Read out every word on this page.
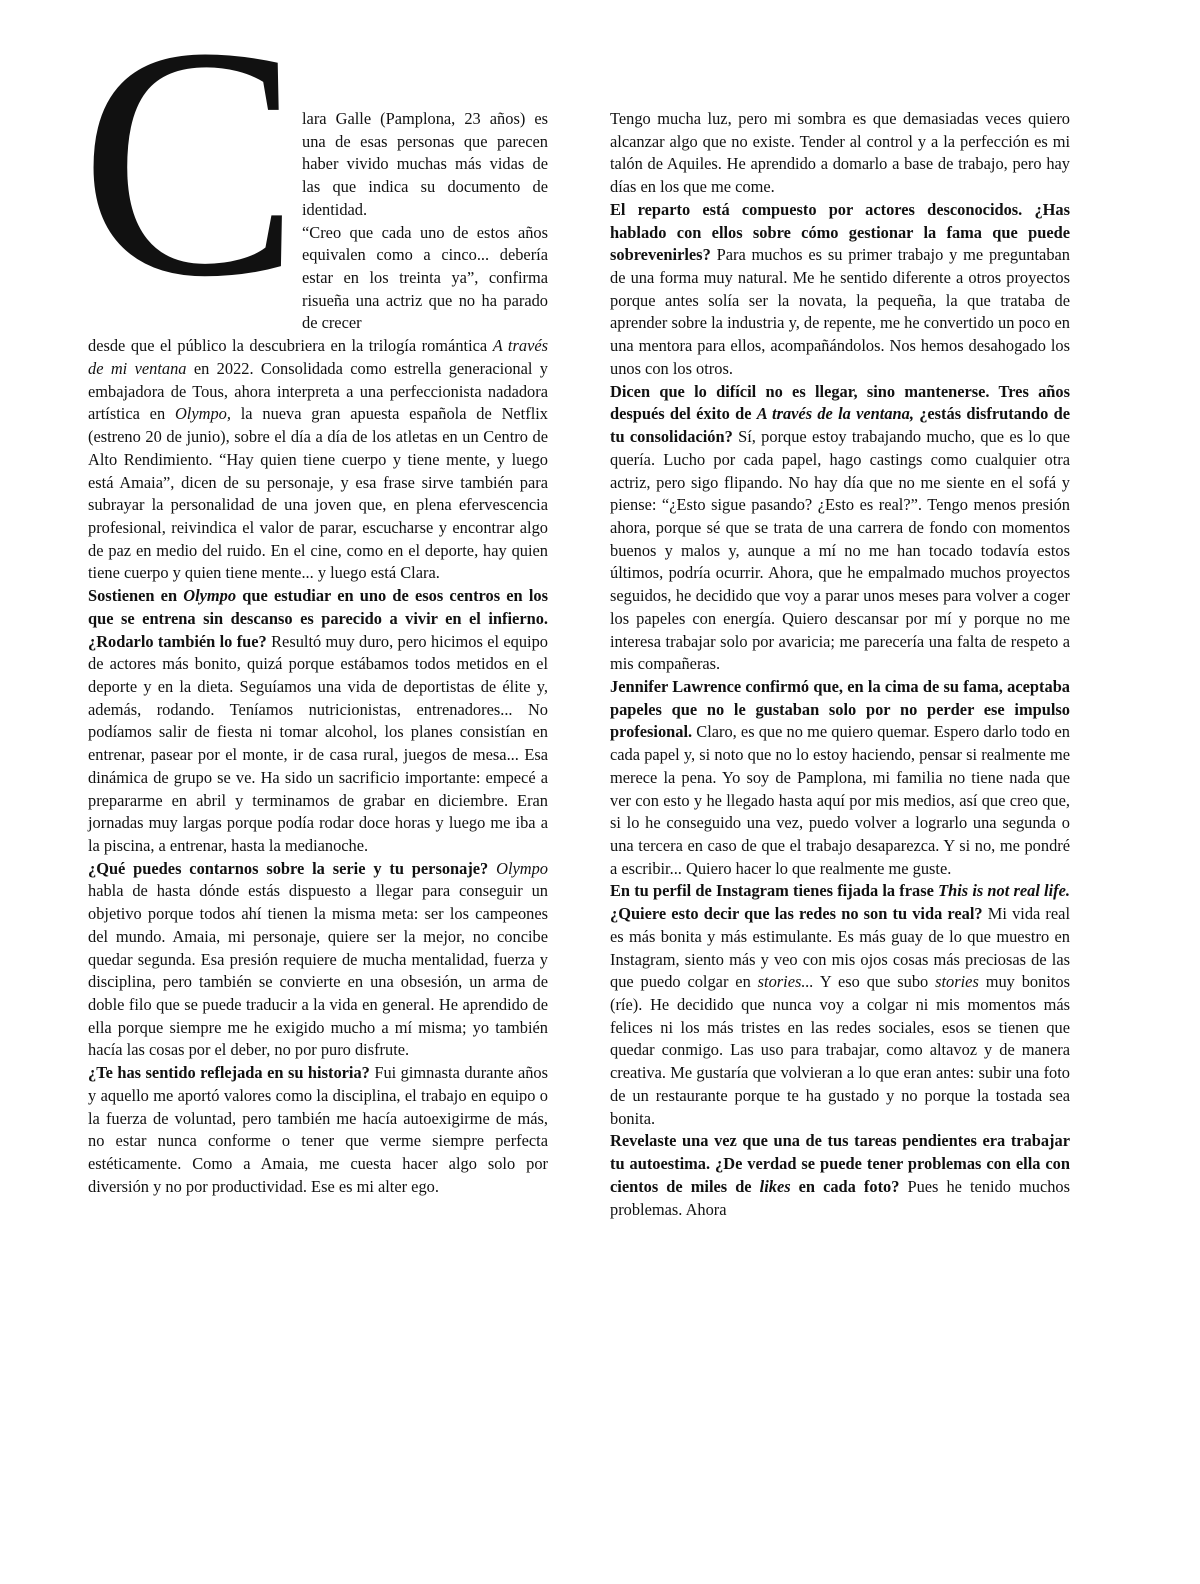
C lara Galle (Pamplona, 23 años) es una de esas personas que parecen haber vivido muchas más vidas de las que indica su documento de identidad.

“Creo que cada uno de estos años equivalen como a cinco... debería estar en los treinta ya”, confirma risueña una actriz que no ha parado de crecer

desde que el público la descubriera en la trilogía romántica A través de mi ventana en 2022. Consolidada como estrella generacional y embajadora de Tous, ahora interpreta a una perfeccionista nadadora artística en Olympo, la nueva gran apuesta española de Netflix (estreno 20 de junio), sobre el día a día de los atletas en un Centro de Alto Rendimiento. “Hay quien tiene cuerpo y tiene mente, y luego está Amaia”, dicen de su personaje, y esa frase sirve también para subrayar la personalidad de una joven que, en plena efervescencia profesional, reivindica el valor de parar, escucharse y encontrar algo de paz en medio del ruido. En el cine, como en el deporte, hay quien tiene cuerpo y quien tiene mente... y luego está Clara.

Sostienen en Olympo que estudiar en uno de esos centros en los que se entrena sin descanso es parecido a vivir en el infierno. ¿Rodarlo también lo fue? Resultó muy duro, pero hicimos el equipo de actores más bonito, quizá porque estábamos todos metidos en el deporte y en la dieta. Seguíamos una vida de deportistas de élite y, además, rodando. Teníamos nutricionistas, entrenadores... No podíamos salir de fiesta ni tomar alcohol, los planes consistían en entrenar, pasear por el monte, ir de casa rural, juegos de mesa... Esa dinámica de grupo se ve. Ha sido un sacrificio importante: empecé a prepararme en abril y terminamos de grabar en diciembre. Eran jornadas muy largas porque podía rodar doce horas y luego me iba a la piscina, a entrenar, hasta la medianoche.

¿Qué puedes contarnos sobre la serie y tu personaje? Olympo habla de hasta dónde estás dispuesto a llegar para conseguir un objetivo porque todos ahí tienen la misma meta: ser los campeones del mundo. Amaia, mi personaje, quiere ser la mejor, no concibe quedar segunda. Esa presión requiere de mucha mentalidad, fuerza y disciplina, pero también se convierte en una obsesión, un arma de doble filo que se puede traducir a la vida en general. He aprendido de ella porque siempre me he exigido mucho a mí misma; yo también hacía las cosas por el deber, no por puro disfrute.

¿Te has sentido reflejada en su historia? Fui gimnasta durante años y aquello me aportó valores como la disciplina, el trabajo en equipo o la fuerza de voluntad, pero también me hacía autoexigirme de más, no estar nunca conforme o tener que verme siempre perfecta estéticamente. Como a Amaia, me cuesta hacer algo solo por diversión y no por productividad. Ese es mi alter ego.

Tengo mucha luz, pero mi sombra es que demasiadas veces quiero alcanzar algo que no existe. Tender al control y a la perfección es mi talón de Aquiles. He aprendido a domarlo a base de trabajo, pero hay días en los que me come.

El reparto está compuesto por actores desconocidos. ¿Has hablado con ellos sobre cómo gestionar la fama que puede sobrevenirles? Para muchos es su primer trabajo y me preguntaban de una forma muy natural. Me he sentido diferente a otros proyectos porque antes solía ser la novata, la pequeña, la que trataba de aprender sobre la industria y, de repente, me he convertido un poco en una mentora para ellos, acompañándolos. Nos hemos desahogado los unos con los otros.

Dicen que lo difícil no es llegar, sino mantenerse. Tres años después del éxito de A través de la ventana, ¿estás disfrutando de tu consolidación? Sí, porque estoy trabajando mucho, que es lo que quería. Lucho por cada papel, hago castings como cualquier otra actriz, pero sigo flipando. No hay día que no me siente en el sofá y piense: “¿Esto sigue pasando? ¿Esto es real?”. Tengo menos presión ahora, porque sé que se trata de una carrera de fondo con momentos buenos y malos y, aunque a mí no me han tocado todavía estos últimos, podría ocurrir. Ahora, que he empalmado muchos proyectos seguidos, he decidido que voy a parar unos meses para volver a coger los papeles con energía. Quiero descansar por mí y porque no me interesa trabajar solo por avaricia; me parecería una falta de respeto a mis compañeras.

Jennifer Lawrence confirmó que, en la cima de su fama, aceptaba papeles que no le gustaban solo por no perder ese impulso profesional. Claro, es que no me quiero quemar. Espero darlo todo en cada papel y, si noto que no lo estoy haciendo, pensar si realmente me merece la pena. Yo soy de Pamplona, mi familia no tiene nada que ver con esto y he llegado hasta aquí por mis medios, así que creo que, si lo he conseguido una vez, puedo volver a lograrlo una segunda o una tercera en caso de que el trabajo desaparezca. Y si no, me pondré a escribir... Quiero hacer lo que realmente me guste.

En tu perfil de Instagram tienes fijada la frase This is not real life. ¿Quiere esto decir que las redes no son tu vida real? Mi vida real es más bonita y más estimulante. Es más guay de lo que muestro en Instagram, siento más y veo con mis ojos cosas más preciosas de las que puedo colgar en stories... Y eso que subo stories muy bonitos (ríe). He decidido que nunca voy a colgar ni mis momentos más felices ni los más tristes en las redes sociales, esos se tienen que quedar conmigo. Las uso para trabajar, como altavoz y de manera creativa. Me gustaría que volvieran a lo que eran antes: subir una foto de un restaurante porque te ha gustado y no porque la tostada sea bonita.

Revelaste una vez que una de tus tareas pendientes era trabajar tu autoestima. ¿De verdad se puede tener problemas con ella con cientos de miles de likes en cada foto? Pues he tenido muchos problemas. Ahora
